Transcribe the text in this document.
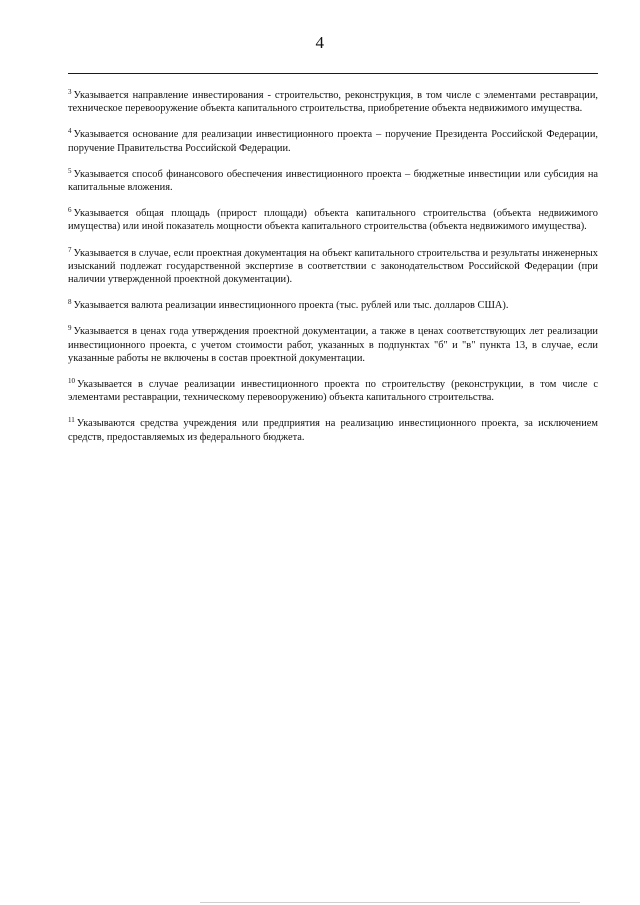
4

$^3$ Указывается направление инвестирования - строительство, реконструкция, в том числе с элементами реставрации, техническое перевооружение объекта капитального строительства, приобретение объекта недвижимого имущества.

$^4$ Указывается основание для реализации инвестиционного проекта – поручение Президента Российской Федерации, поручение Правительства Российской Федерации.

$^5$ Указывается способ финансового обеспечения инвестиционного проекта – бюджетные инвестиции или субсидия на капитальные вложения.

$^6$ Указывается общая площадь (прирост площади) объекта капитального строительства (объекта недвижимого имущества) или иной показатель мощности объекта капитального строительства (объекта недвижимого имущества).

$^7$ Указывается в случае, если проектная документация на объект капитального строительства и результаты инженерных изысканий подлежат государственной экспертизе в соответствии с законодательством Российской Федерации (при наличии утвержденной проектной документации).

$^8$ Указывается валюта реализации инвестиционного проекта (тыс. рублей или тыс. долларов США).

$^9$ Указывается в ценах года утверждения проектной документации, а также в ценах соответствующих лет реализации инвестиционного проекта, с учетом стоимости работ, указанных в подпунктах "б" и "в" пункта 13, в случае, если указанные работы не включены в состав проектной документации.

$^{10}$ Указывается в случае реализации инвестиционного проекта по строительству (реконструкции, в том числе с элементами реставрации, техническому перевооружению) объекта капитального строительства.

$^{11}$ Указываются средства учреждения или предприятия на реализацию инвестиционного проекта, за исключением средств, предоставляемых из федерального бюджета.
